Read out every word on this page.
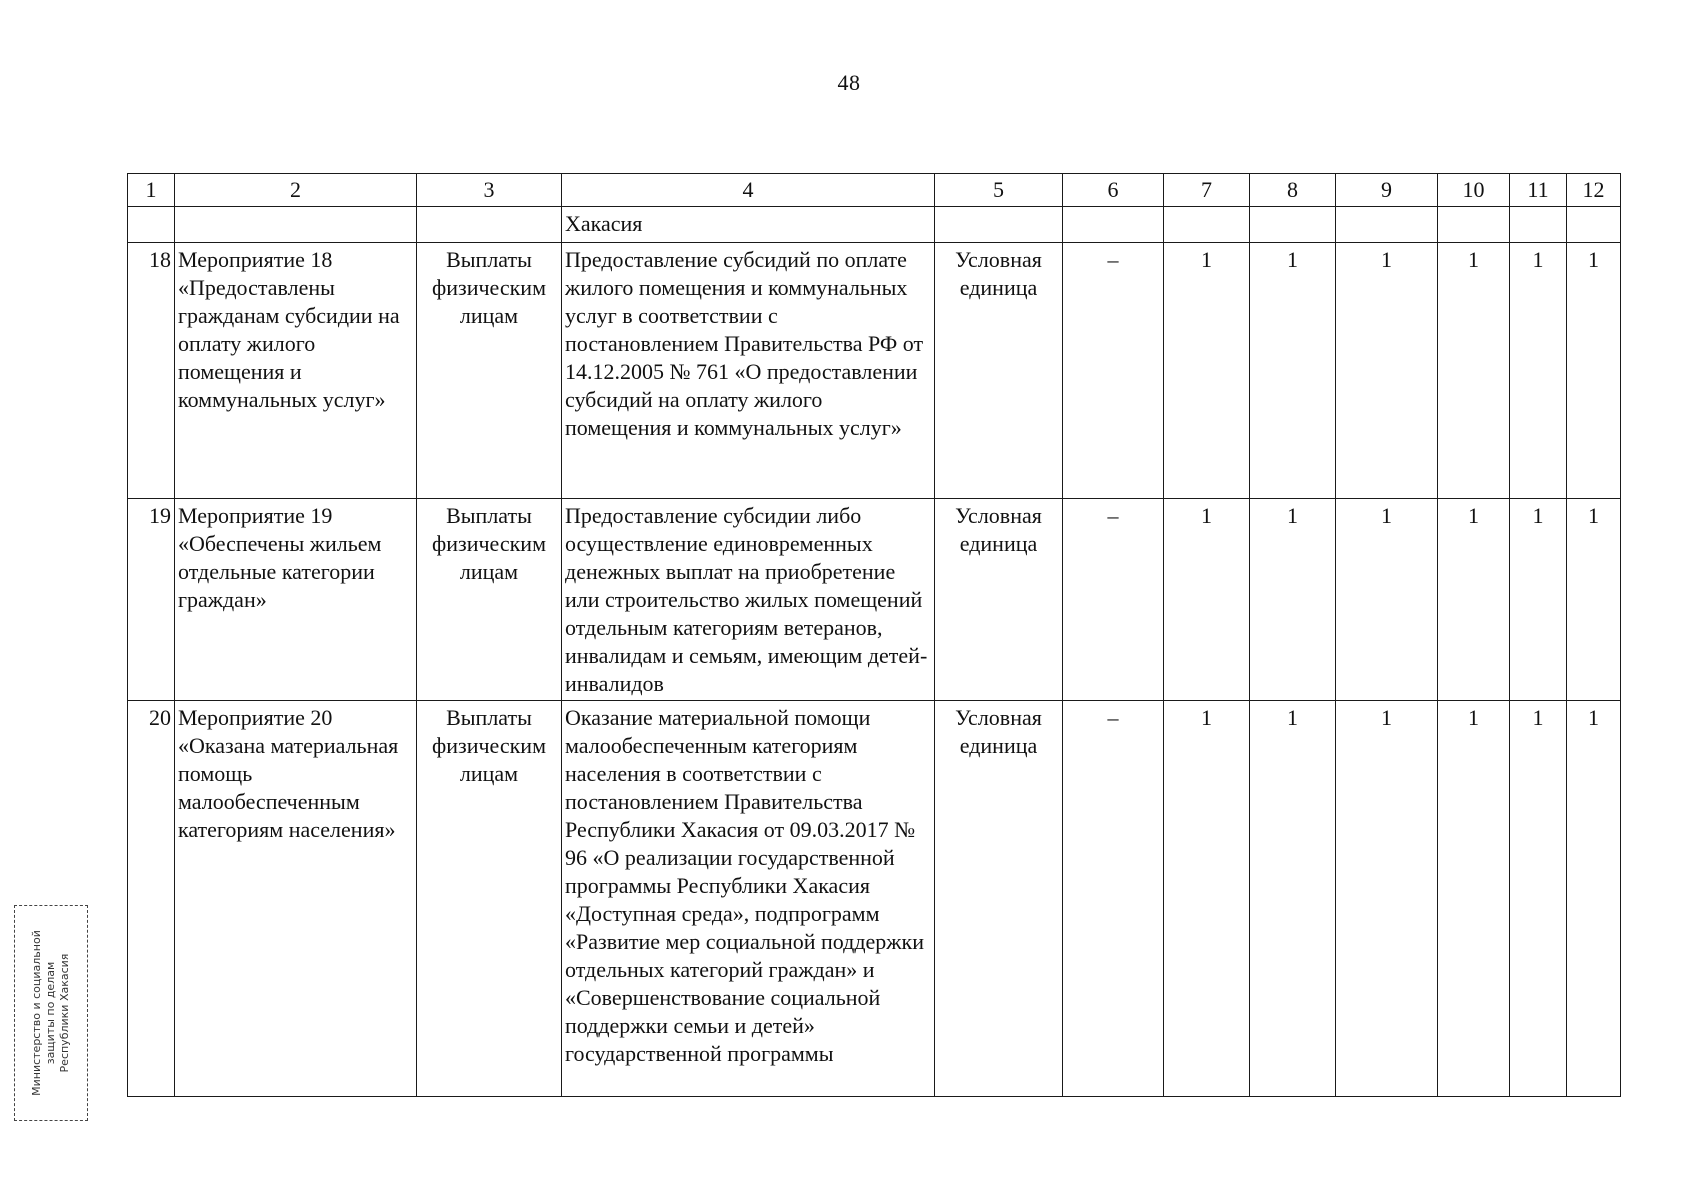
48
1	2	3	4	5	6	7	8	9	10	11	12
			Хакасия								
18	Мероприятие 18 «Предоставлены гражданам субсидии на оплату жилого помещения и коммунальных услуг»	Выплаты физическим лицам	Предоставление субсидий по оплате жилого помещения и коммунальных услуг в соответствии с постановлением Правительства РФ от 14.12.2005 № 761 «О предоставлении субсидий на оплату жилого помещения и коммунальных услуг»	Условная единица	–	1	1	1	1	1	1
19	Мероприятие 19 «Обеспечены жильем отдельные категории граждан»	Выплаты физическим лицам	Предоставление субсидии либо осуществление единовременных денежных выплат на приобретение или строительство жилых помещений отдельным категориям ветеранов, инвалидам и семьям, имеющим детей-инвалидов	Условная единица	–	1	1	1	1	1	1
20	Мероприятие 20 «Оказана материальная помощь малообеспеченным категориям населения»	Выплаты физическим лицам	Оказание материальной помощи малообеспеченным категориям населения в соответствии с постановлением Правительства Республики Хакасия от 09.03.2017 № 96 «О реализации государственной программы Республики Хакасия «Доступная среда», подпрограмм «Развитие мер социальной поддержки отдельных категорий граждан» и «Совершенствование социальной поддержки семьи и детей» государственной программы	Условная единица	–	1	1	1	1	1	1
Министерство и социальной защиты по делам Республики Хакасия
